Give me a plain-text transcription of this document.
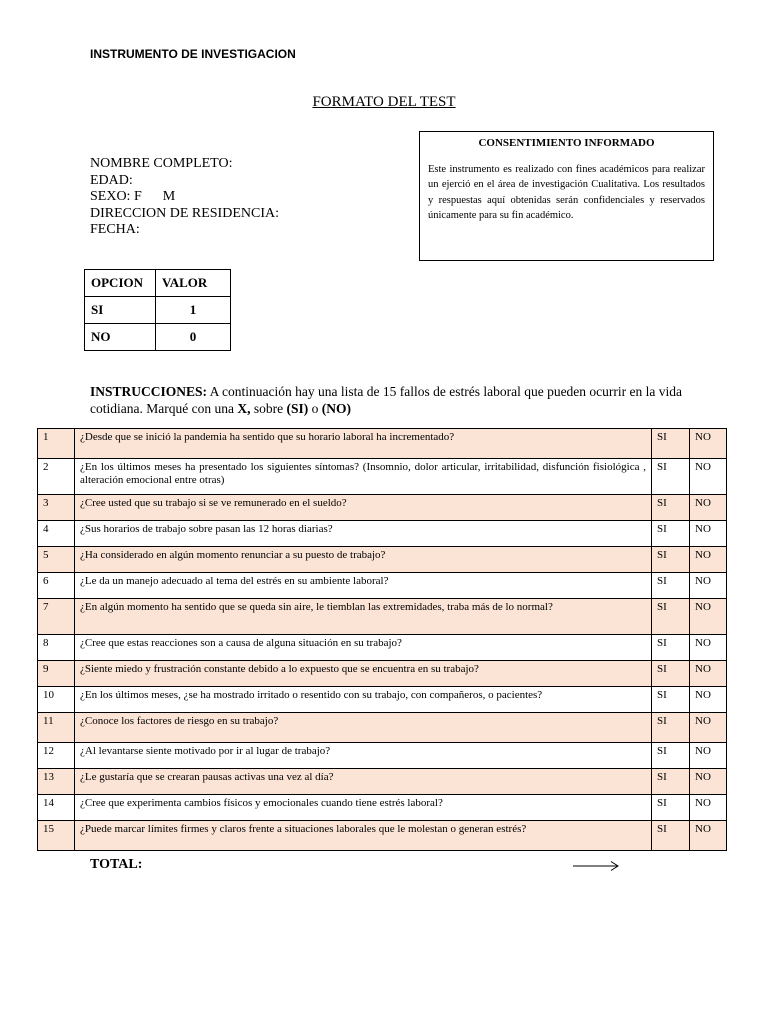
INSTRUMENTO DE INVESTIGACION
FORMATO DEL TEST
NOMBRE COMPLETO:
EDAD:
SEXO: F      M
DIRECCION DE RESIDENCIA:
FECHA:
CONSENTIMIENTO INFORMADO
Este instrumento es realizado con fines académicos para realizar un ejerció en el área de investigación Cualitativa. Los resultados y respuestas aquí obtenidas serán confidenciales y reservados únicamente para su fin académico.
OPCION	VALOR
SI	1
NO	0
INSTRUCCIONES: A continuación hay una lista de 15 fallos de estrés laboral que pueden ocurrir en la vida cotidiana. Marqué con una X, sobre (SI) o (NO)
1	¿Desde que se inició la pandemia ha sentido que su horario laboral ha incrementado?	SI	NO
2	¿En los últimos meses ha presentado los siguientes síntomas? (Insomnio, dolor articular, irritabilidad, disfunción fisiológica , alteración emocional entre otras)	SI	NO
3	¿Cree usted que su trabajo si se ve remunerado en el sueldo?	SI	NO
4	¿Sus horarios de trabajo sobre pasan las 12 horas diarias?	SI	NO
5	¿Ha considerado en algún momento renunciar a su puesto de trabajo?	SI	NO
6	¿Le da un manejo adecuado al tema del estrés en su ambiente laboral?	SI	NO
7	¿En algún momento ha sentido que se queda sin aire, le tiemblan las extremidades, traba más de lo normal?	SI	NO
8	¿Cree que estas reacciones son a causa de alguna situación en su trabajo?	SI	NO
9	¿Siente miedo y frustración constante debido a lo expuesto que se encuentra en su trabajo?	SI	NO
10	¿En los últimos meses, ¿se ha mostrado irritado o resentido con su trabajo, con compañeros, o pacientes?	SI	NO
11	¿Conoce los factores de riesgo en su trabajo?	SI	NO
12	¿Al levantarse siente motivado por ir al lugar de trabajo?	SI	NO
13	¿Le gustaría que se crearan pausas activas una vez al día?	SI	NO
14	¿Cree que experimenta cambios físicos y emocionales cuando tiene estrés laboral?	SI	NO
15	¿Puede marcar límites firmes y claros frente a situaciones laborales que le molestan o generan estrés?	SI	NO
TOTAL:
